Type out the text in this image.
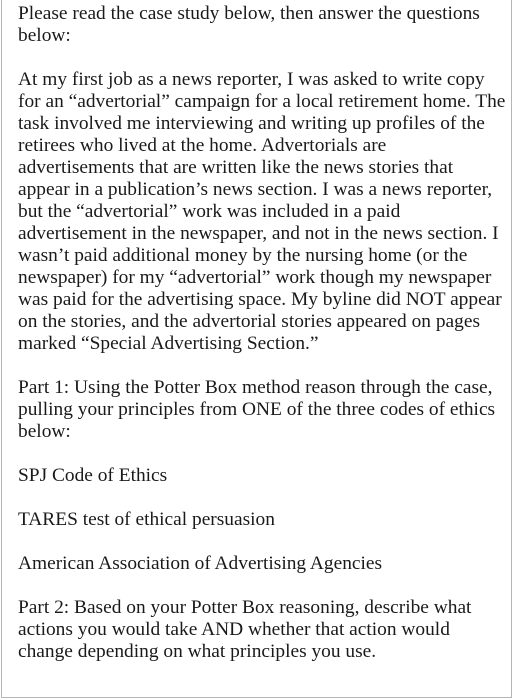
Please read the case study below, then answer the questions below:

At my first job as a news reporter, I was asked to write copy for an “advertorial” campaign for a local retirement home. The task involved me interviewing and writing up profiles of the retirees who lived at the home. Advertorials are advertisements that are written like the news stories that appear in a publication’s news section. I was a news reporter, but the “advertorial” work was included in a paid advertisement in the newspaper, and not in the news section. I wasn’t paid additional money by the nursing home (or the newspaper) for my “advertorial” work though my newspaper was paid for the advertising space. My byline did NOT appear on the stories, and the advertorial stories appeared on pages marked “Special Advertising Section.”

Part 1: Using the Potter Box method reason through the case, pulling your principles from ONE of the three codes of ethics below:

SPJ Code of Ethics

TARES test of ethical persuasion

American Association of Advertising Agencies

Part 2: Based on your Potter Box reasoning, describe what actions you would take AND whether that action would change depending on what principles you use.
